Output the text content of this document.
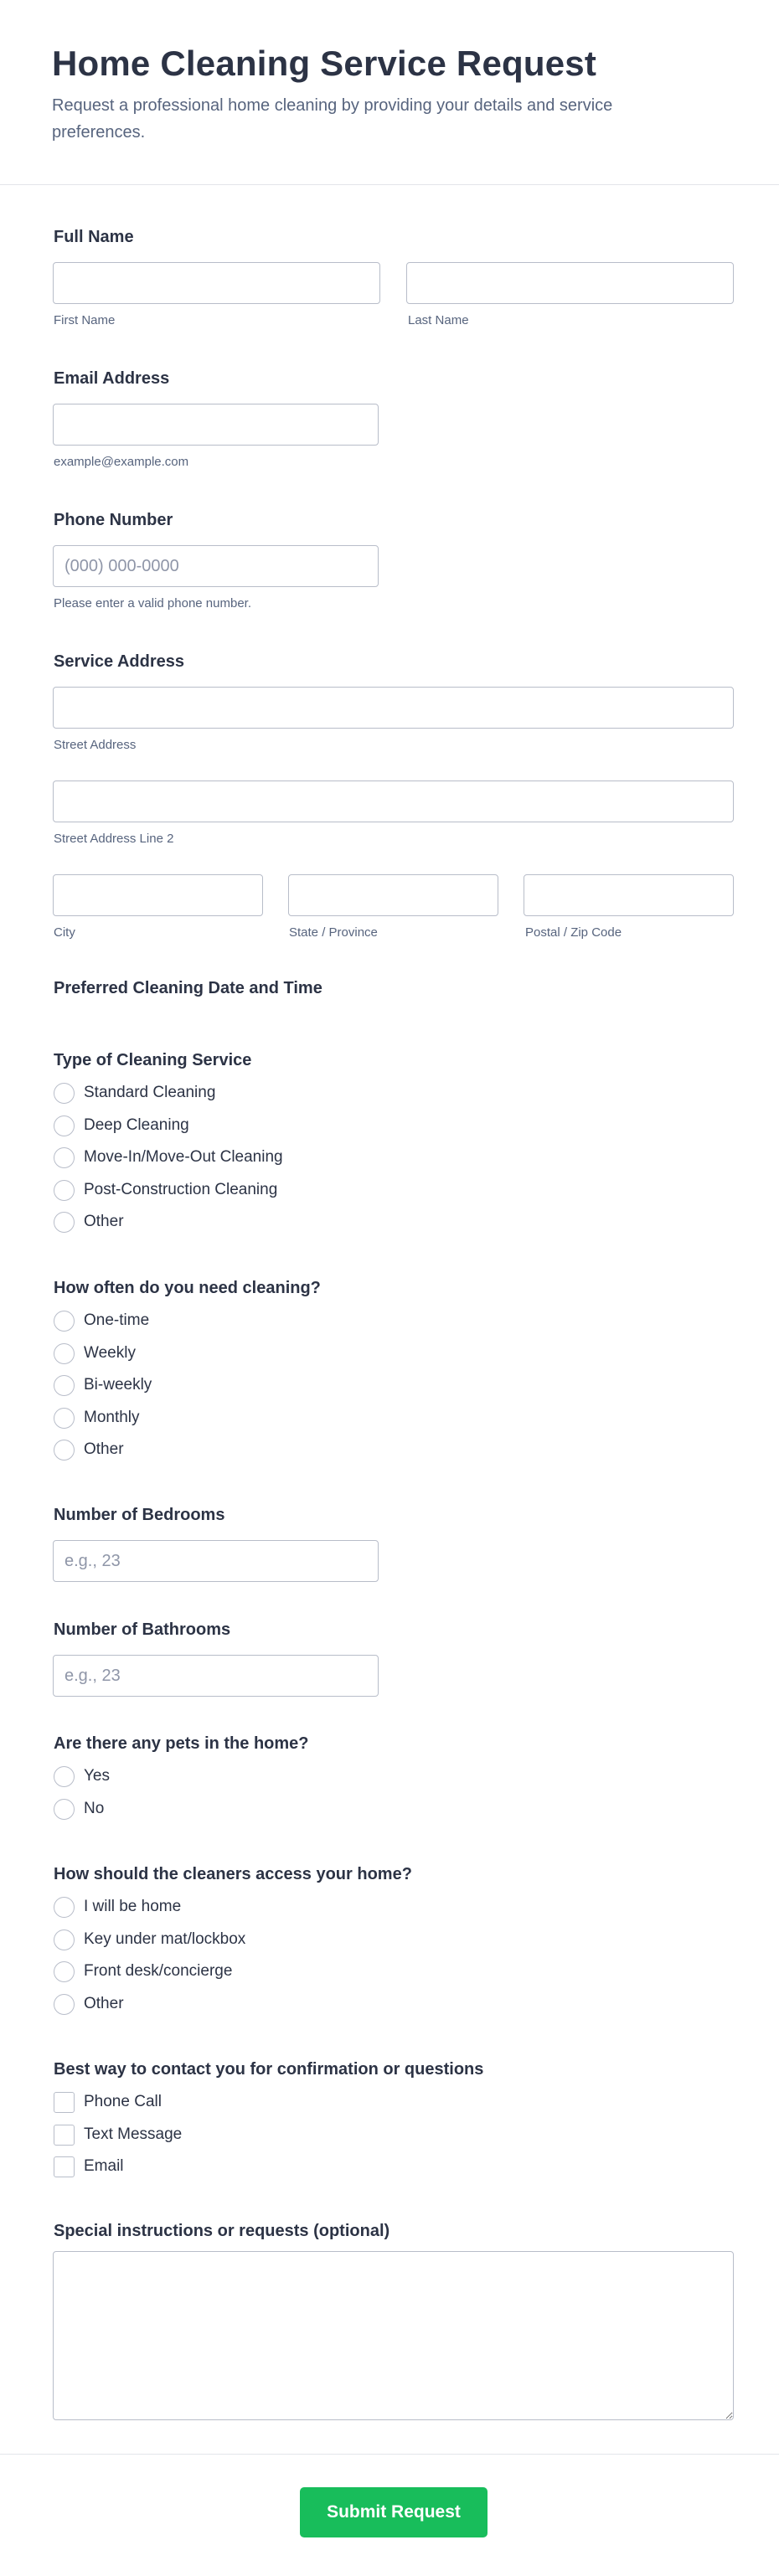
Home Cleaning Service Request

Request a professional home cleaning by providing your details and service preferences.

Full Name
First Name	Last Name
Email Address
example@example.com
Phone Number
(000) 000-0000
Please enter a valid phone number.
Service Address
Street Address
Street Address Line 2
City	State / Province	Postal / Zip Code
Preferred Cleaning Date and Time
Type of Cleaning Service
Standard Cleaning
Deep Cleaning
Move-In/Move-Out Cleaning
Post-Construction Cleaning
Other
How often do you need cleaning?
One-time
Weekly
Bi-weekly
Monthly
Other
Number of Bedrooms
e.g., 23
Number of Bathrooms
e.g., 23
Are there any pets in the home?
Yes
No
How should the cleaners access your home?
I will be home
Key under mat/lockbox
Front desk/concierge
Other
Best way to contact you for confirmation or questions
Phone Call
Text Message
Email
Special instructions or requests (optional)
Submit Request
